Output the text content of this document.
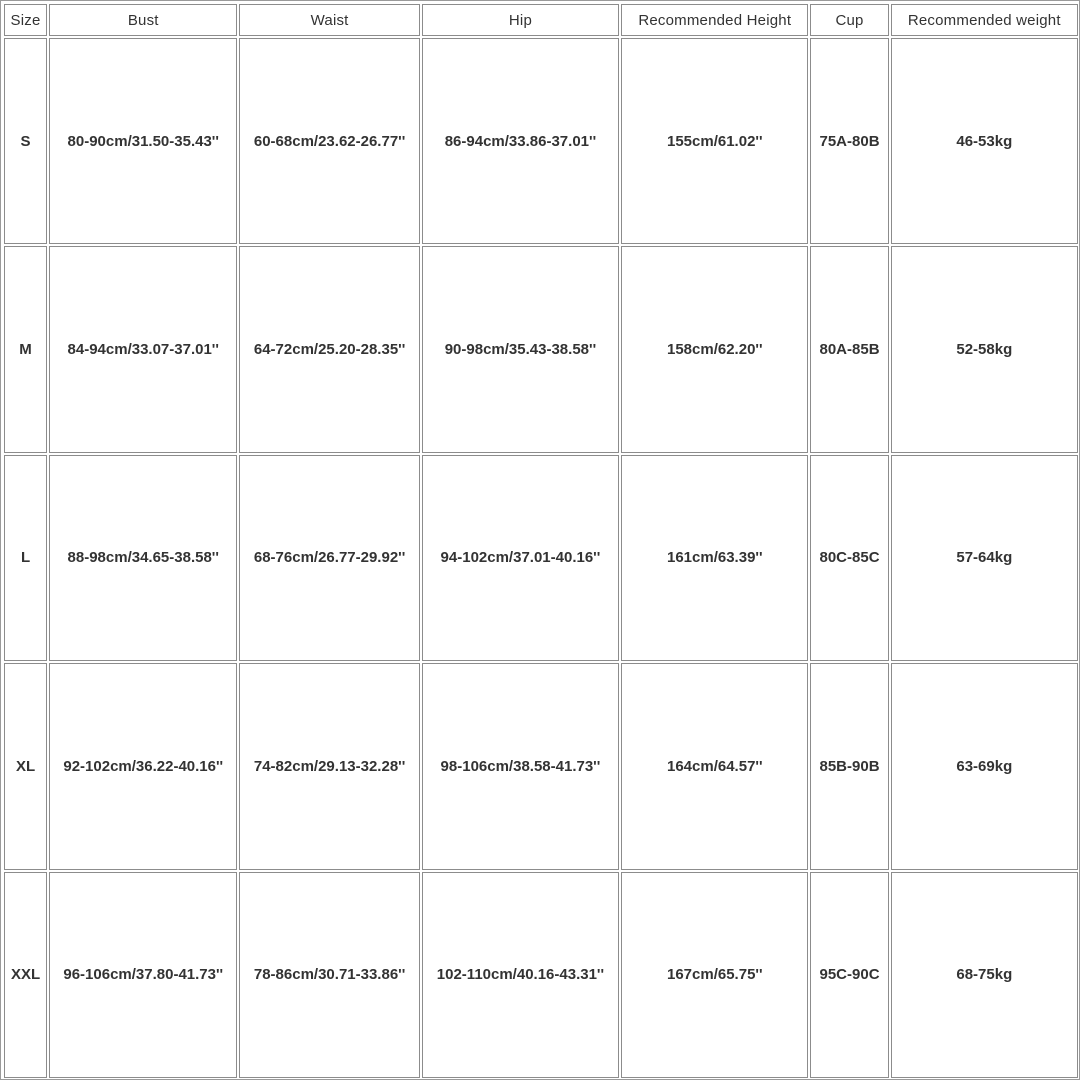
Size	Bust	Waist	Hip	Recommended Height	Cup	Recommended weight
S	80-90cm/31.50-35.43''	60-68cm/23.62-26.77''	86-94cm/33.86-37.01''	155cm/61.02''	75A-80B	46-53kg
M	84-94cm/33.07-37.01''	64-72cm/25.20-28.35''	90-98cm/35.43-38.58''	158cm/62.20''	80A-85B	52-58kg
L	88-98cm/34.65-38.58''	68-76cm/26.77-29.92''	94-102cm/37.01-40.16''	161cm/63.39''	80C-85C	57-64kg
XL	92-102cm/36.22-40.16''	74-82cm/29.13-32.28''	98-106cm/38.58-41.73''	164cm/64.57''	85B-90B	63-69kg
XXL	96-106cm/37.80-41.73''	78-86cm/30.71-33.86''	102-110cm/40.16-43.31''	167cm/65.75''	95C-90C	68-75kg
